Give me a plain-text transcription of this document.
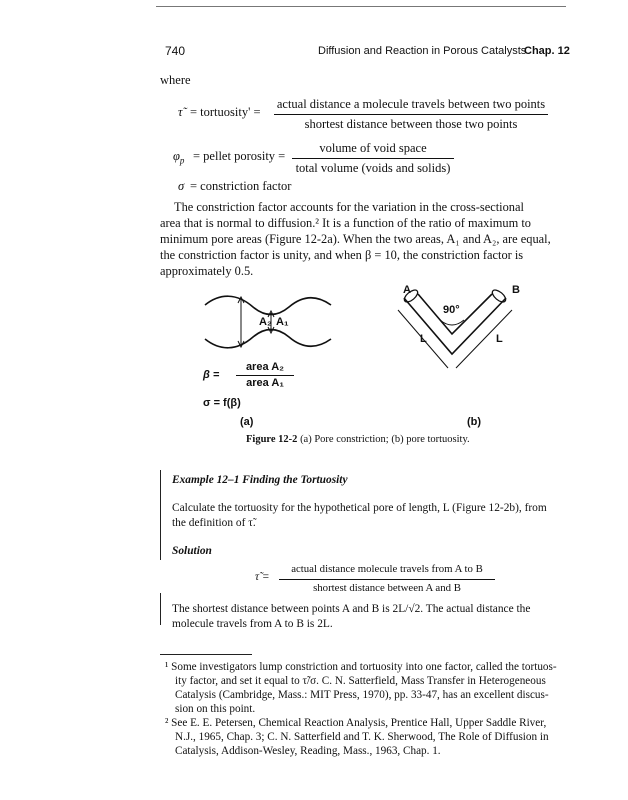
740	Diffusion and Reaction in Porous Catalysts
Chap. 12
where
τ̃ = tortuosity' =
actual distance a molecule travels between two points
shortest distance between those two points
$\varphi_p$ = pellet porosity =
volume of void space
total volume (voids and solids)
σ = constriction factor
The constriction factor accounts for the variation in the cross-sectional
area that is normal to diffusion.² It is a function of the ratio of maximum to
minimum pore areas (Figure 12-2a). When the two areas, A₁ and A₂, are equal,
the constriction factor is unity, and when β = 10, the constriction factor is
approximately 0.5.
A₂ A₁
β =
area A₂
area A₁
σ = f(β)
(a)
A	B
90°
L	L
(b)
Figure 12-2 (a) Pore constriction; (b) pore tortuosity.
Example 12–1 Finding the Tortuosity
Calculate the tortuosity for the hypothetical pore of length, L (Figure 12-2b), from
the definition of τ̃.
Solution
τ̃ =
actual distance molecule travels from A to B
shortest distance between A and B
The shortest distance between points A and B is 2L/√2. The actual distance the
molecule travels from A to B is 2L.
¹ Some investigators lump constriction and tortuosity into one factor, called the tortuos-
ity factor, and set it equal to τ̃/σ. C. N. Satterfield, Mass Transfer in Heterogeneous
Catalysis (Cambridge, Mass.: MIT Press, 1970), pp. 33-47, has an excellent discus-
sion on this point.
² See E. E. Petersen, Chemical Reaction Analysis, Prentice Hall, Upper Saddle River,
N.J., 1965, Chap. 3; C. N. Satterfield and T. K. Sherwood, The Role of Diffusion in
Catalysis, Addison-Wesley, Reading, Mass., 1963, Chap. 1.
